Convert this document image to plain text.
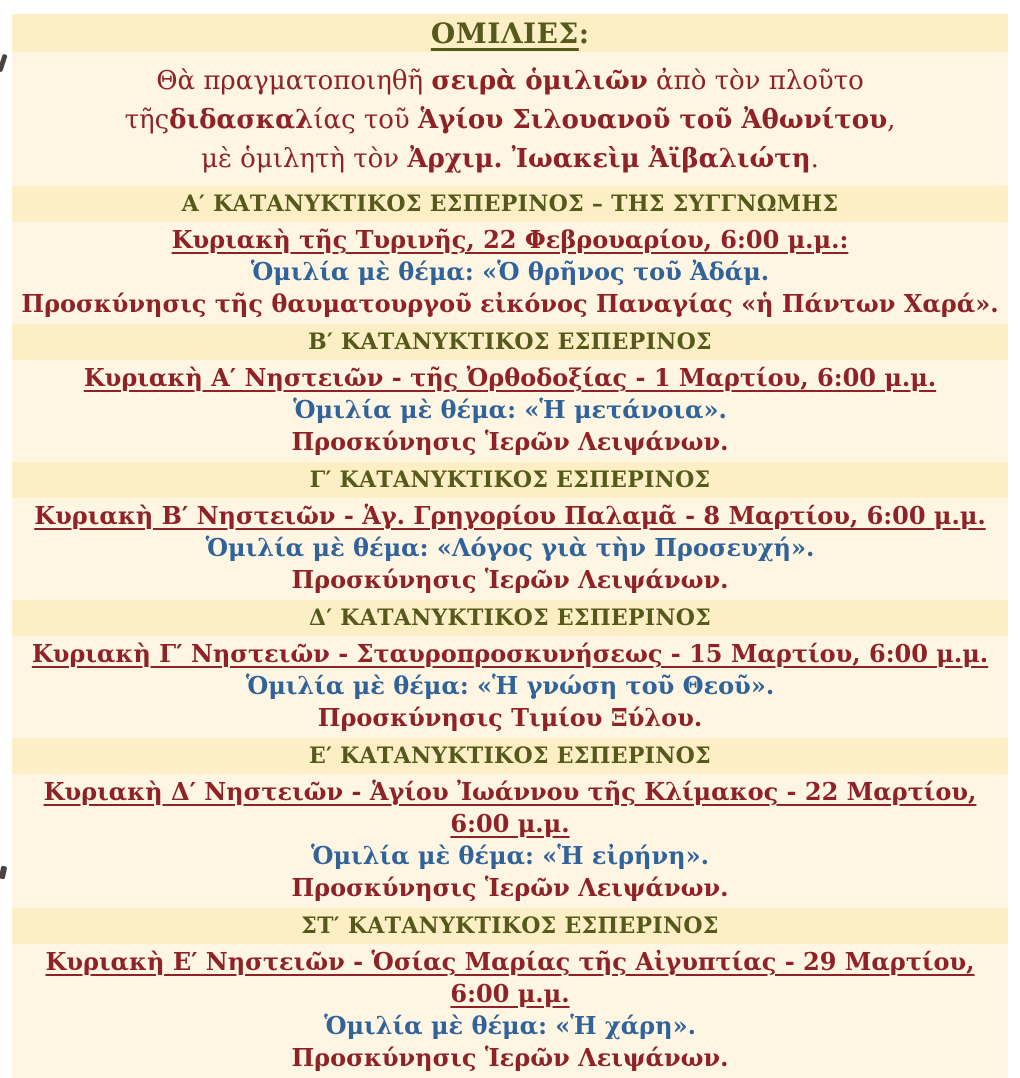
ΟΜΙΛΙΕΣ :
Θὰ πραγματοποιηθῆ σειρὰ ὁμιλιῶν ἀπὸ τὸν πλοῦτο
τῆςδιδασκαλίας τοῦ Ἁγίου Σιλουανοῦ τοῦ Ἀθωνίτου,
μὲ ὁμιλητὴ τὸν Ἀρχιμ. Ἰωακεὶμ Ἀϊβαλιώτη.
Α′ ΚΑΤΑΝΥΚΤΙΚΟΣ ΕΣΠΕΡΙΝΟΣ – ΤΗΣ ΣΥΓΓΝΩΜΗΣ
Κυριακὴ τῆς Τυρινῆς, 22 Φεβρουαρίου, 6:00 μ.μ.:
Ὁμιλία μὲ θέμα: «Ὁ θρῆνος τοῦ Ἀδάμ.
Προσκύνησις τῆς θαυματουργοῦ εἰκόνος Παναγίας «ἡ Πάντων Χαρά».
Β′ ΚΑΤΑΝΥΚΤΙΚΟΣ ΕΣΠΕΡΙΝΟΣ
Κυριακὴ Α′ Νηστειῶν - τῆς Ὀρθοδοξίας - 1 Μαρτίου, 6:00 μ.μ.
Ὁμιλία μὲ θέμα: «Ἡ μετάνοια».
Προσκύνησις Ἱερῶν Λειψάνων.
Γ′ ΚΑΤΑΝΥΚΤΙΚΟΣ ΕΣΠΕΡΙΝΟΣ
Κυριακὴ Β′ Νηστειῶν - Ἁγ. Γρηγορίου Παλαμᾶ - 8 Μαρτίου, 6:00 μ.μ.
Ὁμιλία μὲ θέμα: «Λόγος γιὰ τὴν Προσευχή».
Προσκύνησις Ἱερῶν Λειψάνων.
Δ′ ΚΑΤΑΝΥΚΤΙΚΟΣ ΕΣΠΕΡΙΝΟΣ
Κυριακὴ Γ′ Νηστειῶν - Σταυροπροσκυνήσεως - 15 Μαρτίου, 6:00 μ.μ.
Ὁμιλία μὲ θέμα: «Ἡ γνώση τοῦ Θεοῦ».
Προσκύνησις Τιμίου Ξύλου.
Ε′ ΚΑΤΑΝΥΚΤΙΚΟΣ ΕΣΠΕΡΙΝΟΣ
Κυριακὴ Δ′ Νηστειῶν - Ἁγίου Ἰωάννου τῆς Κλίμακος - 22 Μαρτίου, 6:00 μ.μ.
Ὁμιλία μὲ θέμα: «Ἡ εἰρήνη».
Προσκύνησις Ἱερῶν Λειψάνων.
ΣΤ′ ΚΑΤΑΝΥΚΤΙΚΟΣ ΕΣΠΕΡΙΝΟΣ
Κυριακὴ Ε′ Νηστειῶν - Ὁσίας Μαρίας τῆς Αἰγυπτίας - 29 Μαρτίου, 6:00 μ.μ.
Ὁμιλία μὲ θέμα: «Ἡ χάρη».
Προσκύνησις Ἱερῶν Λειψάνων.
